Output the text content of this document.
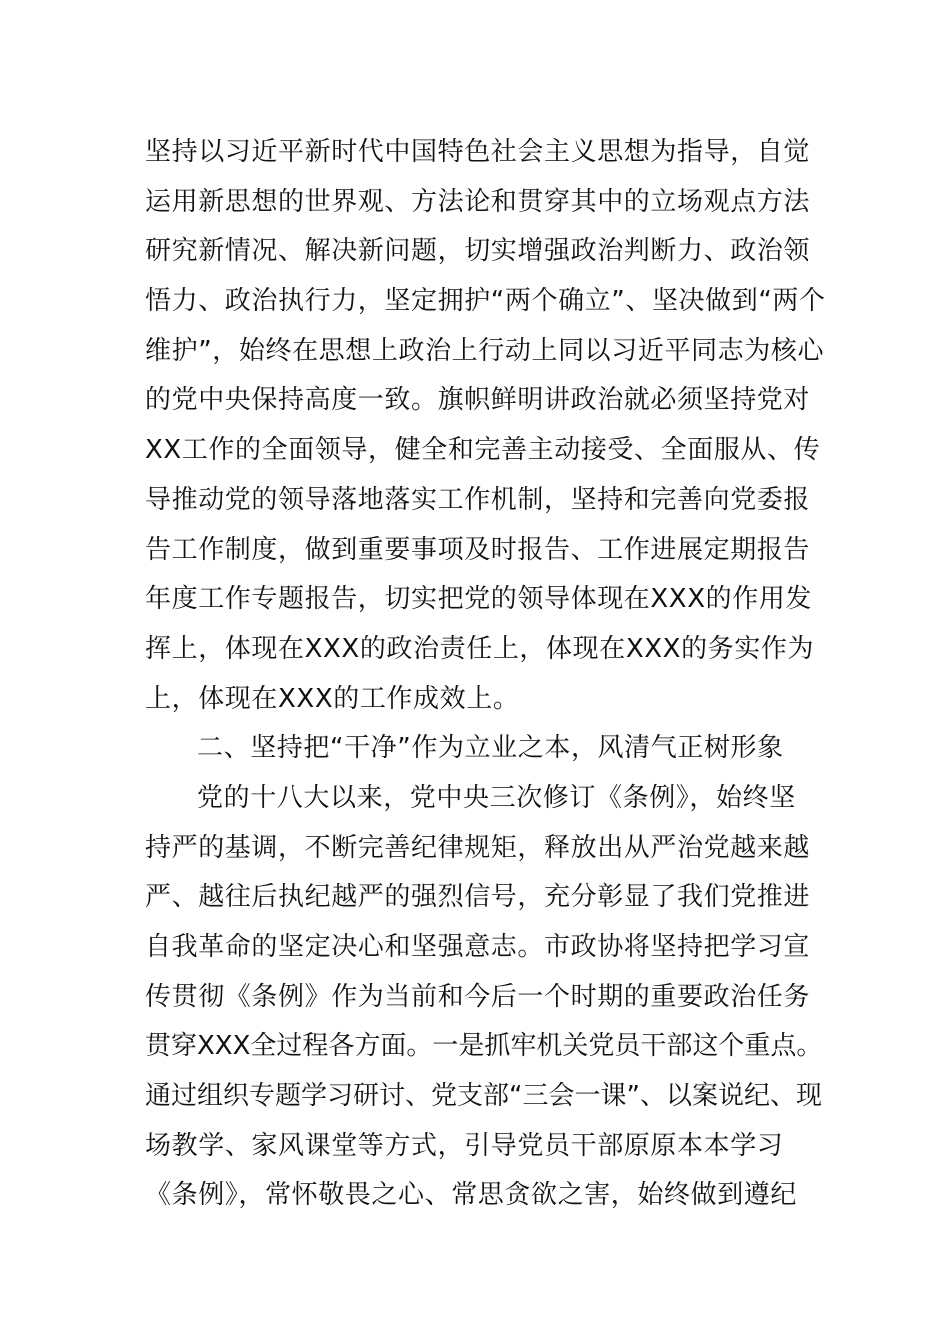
坚持以习近平新时代中国特色社会主义思想为指导，自觉
运用新思想的世界观、方法论和贯穿其中的立场观点方法
研究新情况、解决新问题，切实增强政治判断力、政治领
悟力、政治执行力，坚定拥护“两个确立”、坚决做到“两个
维护”，始终在思想上政治上行动上同以习近平同志为核心
的党中央保持高度一致。旗帜鲜明讲政治就必须坚持党对
XX工作的全面领导，健全和完善主动接受、全面服从、传
导推动党的领导落地落实工作机制，坚持和完善向党委报
告工作制度，做到重要事项及时报告、工作进展定期报告
年度工作专题报告，切实把党的领导体现在XXX的作用发
挥上，体现在XXX的政治责任上，体现在XXX的务实作为
上，体现在XXX的工作成效上。
二、坚持把“干净”作为立业之本，风清气正树形象
党的十八大以来，党中央三次修订《条例》，始终坚
持严的基调，不断完善纪律规矩，释放出从严治党越来越
严、越往后执纪越严的强烈信号，充分彰显了我们党推进
自我革命的坚定决心和坚强意志。市政协将坚持把学习宣
传贯彻《条例》作为当前和今后一个时期的重要政治任务
贯穿XXX全过程各方面。一是抓牢机关党员干部这个重点。
通过组织专题学习研讨、党支部“三会一课”、以案说纪、现
场教学、家风课堂等方式，引导党员干部原原本本学习
《条例》，常怀敬畏之心、常思贪欲之害，始终做到遵纪
